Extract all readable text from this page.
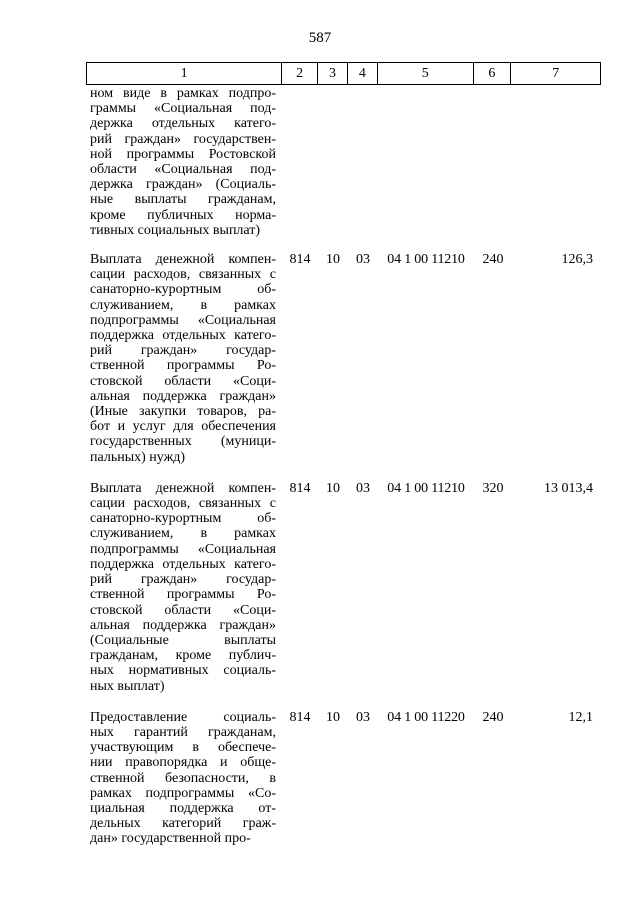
587
1	2	3	4	5	6	7
ном виде в рамках подпро-
граммы «Социальная под-
держка отдельных катего-
рий граждан» государствен-
ной программы Ростовской
области «Социальная под-
держка граждан» (Социаль-
ные выплаты гражданам,
кроме публичных норма-
тивных социальных выплат)
Выплата денежной компен-
сации расходов, связанных с
санаторно-курортным об-
служиванием, в рамках
подпрограммы «Социальная
поддержка отдельных катего-
рий граждан» государ-
ственной программы Ро-
стовской области «Соци-
альная поддержка граждан»
(Иные закупки товаров, ра-
бот и услуг для обеспечения
государственных (муници-
пальных) нужд)
814	10	03	04 1 00 11210	240	126,3
Выплата денежной компен-
сации расходов, связанных с
санаторно-курортным об-
служиванием, в рамках
подпрограммы «Социальная
поддержка отдельных катего-
рий граждан» государ-
ственной программы Ро-
стовской области «Соци-
альная поддержка граждан»
(Социальные выплаты
гражданам, кроме публич-
ных нормативных социаль-
ных выплат)
814	10	03	04 1 00 11210	320	13 013,4
Предоставление социаль-
ных гарантий гражданам,
участвующим в обеспече-
нии правопорядка и обще-
ственной безопасности, в
рамках подпрограммы «Со-
циальная поддержка от-
дельных категорий граж-
дан» государственной про-
814	10	03	04 1 00 11220	240	12,1
